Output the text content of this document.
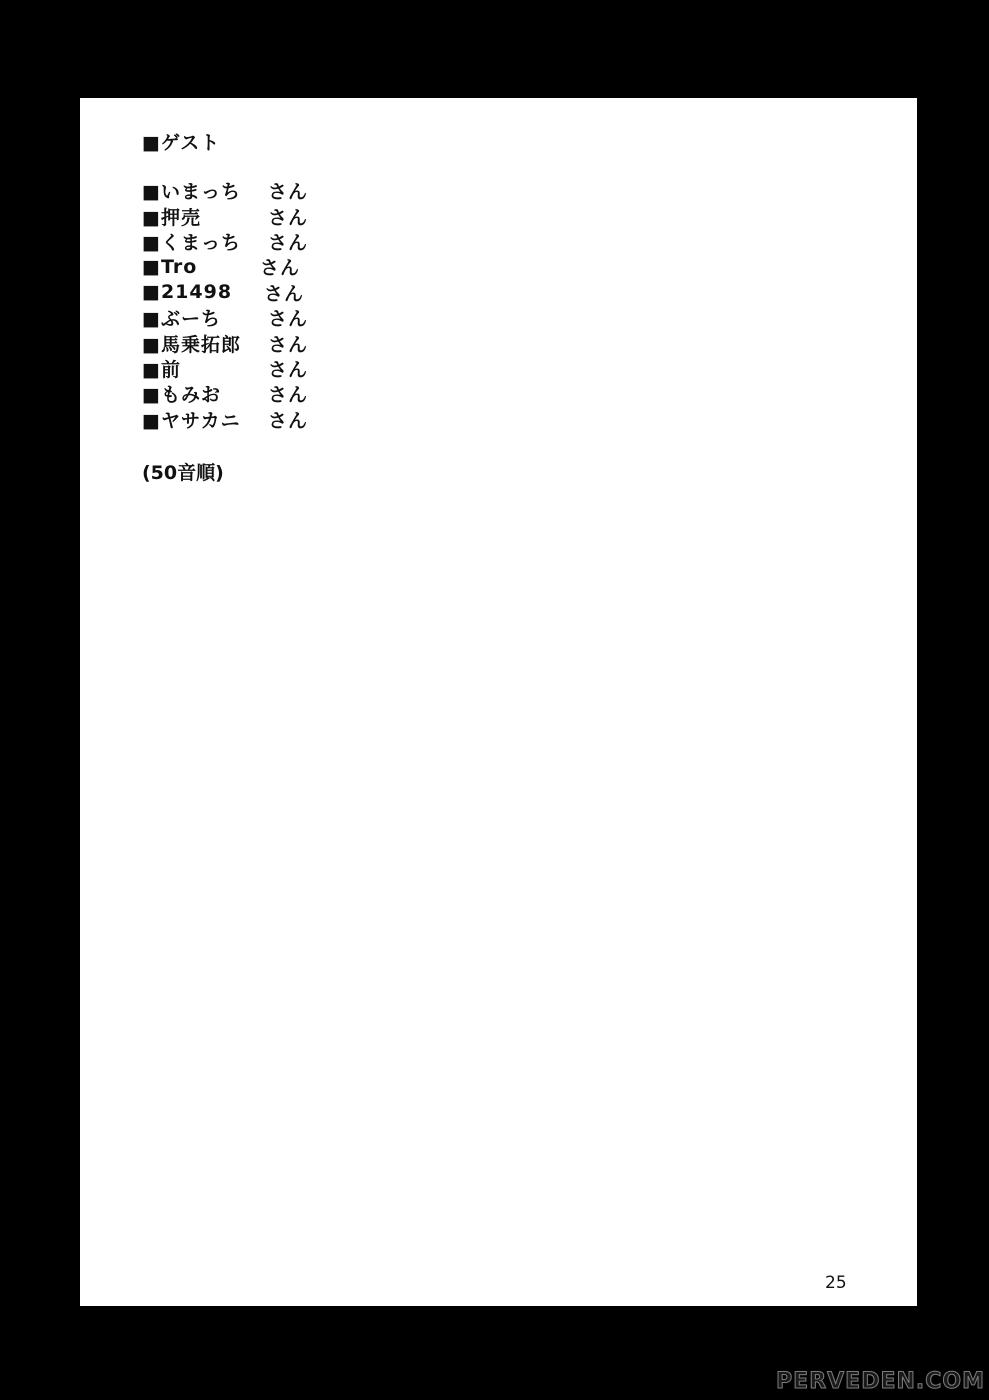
■ゲスト
■いまっち	さん
■押売	さん
■くまっち	さん
■Tro	さん
■21498	さん
■ぶーち	さん
■馬乗拓郎	さん
■前	さん
■もみお	さん
■ヤサカニ	さん
(50音順)
25
PERVEDEN.COM
